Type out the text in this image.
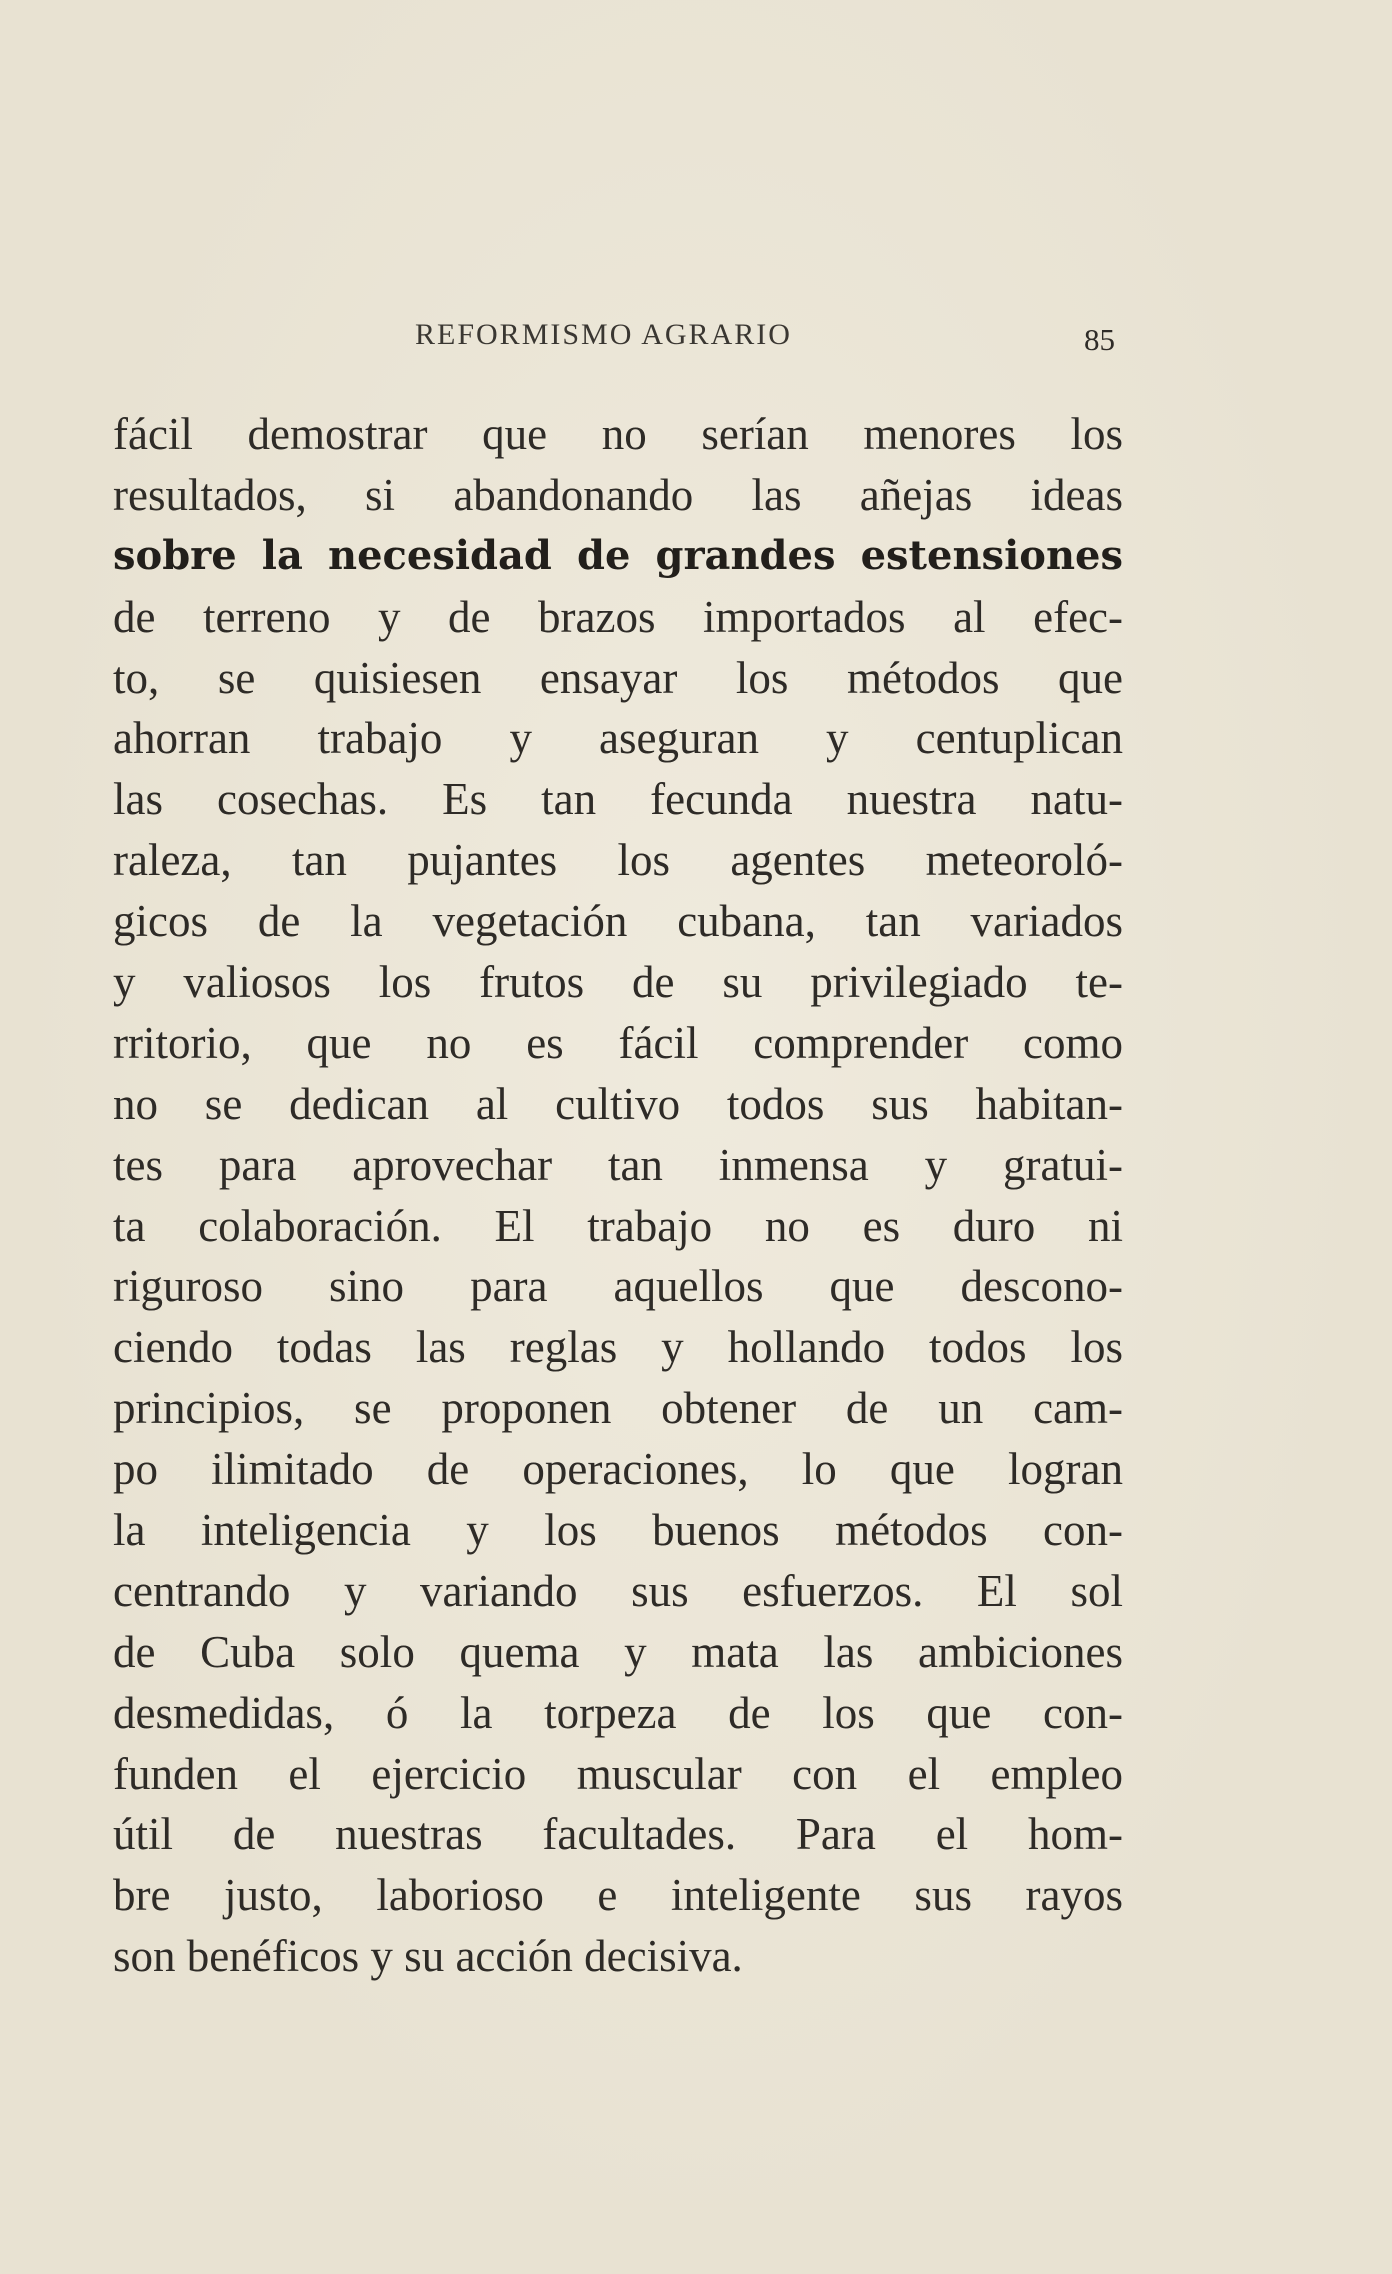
REFORMISMO AGRARIO	85
fácil demostrar que no serían menores los
resultados, si abandonando las añejas ideas
sobre la necesidad de grandes estensiones
de terreno y de brazos importados al efec-
to, se quisiesen ensayar los métodos que
ahorran trabajo y aseguran y centuplican
las cosechas. Es tan fecunda nuestra natu-
raleza, tan pujantes los agentes meteoroló-
gicos de la vegetación cubana, tan variados
y valiosos los frutos de su privilegiado te-
rritorio, que no es fácil comprender como
no se dedican al cultivo todos sus habitan-
tes para aprovechar tan inmensa y gratui-
ta colaboración. El trabajo no es duro ni
riguroso sino para aquellos que descono-
ciendo todas las reglas y hollando todos los
principios, se proponen obtener de un cam-
po ilimitado de operaciones, lo que logran
la inteligencia y los buenos métodos con-
centrando y variando sus esfuerzos. El sol
de Cuba solo quema y mata las ambiciones
desmedidas, ó la torpeza de los que con-
funden el ejercicio muscular con el empleo
útil de nuestras facultades. Para el hom-
bre justo, laborioso e inteligente sus rayos
son benéficos y su acción decisiva.
